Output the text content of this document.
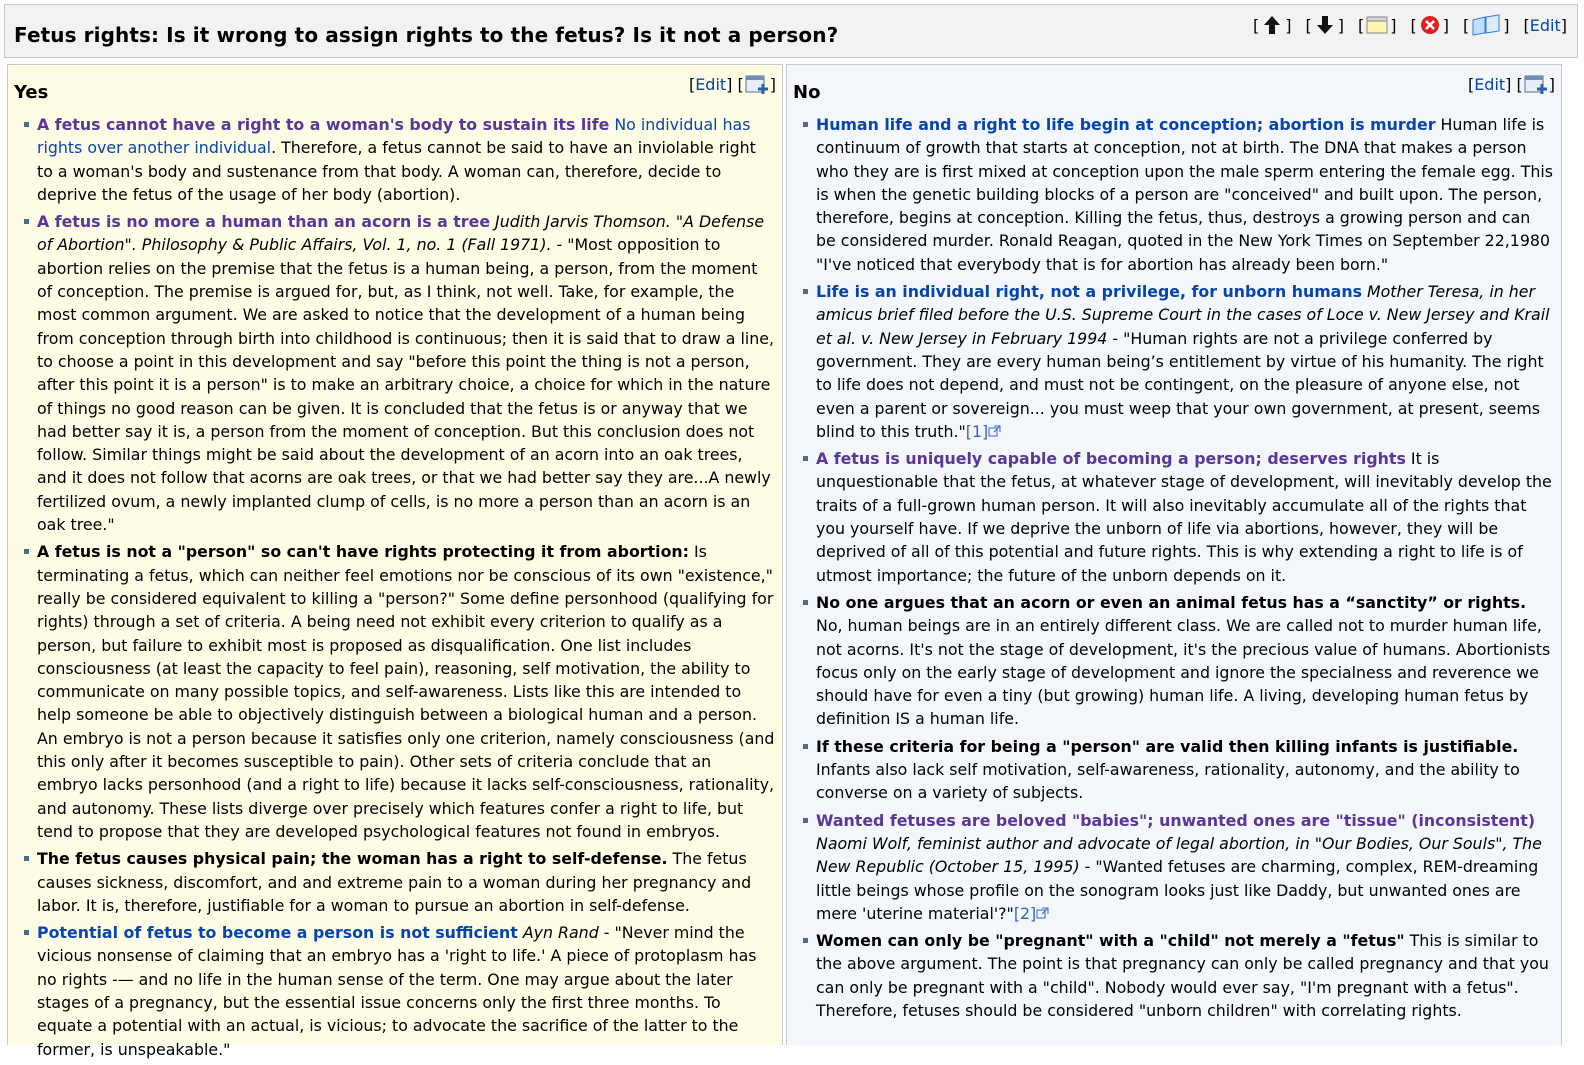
Fetus rights: Is it wrong to assign rights to the fetus? Is it not a person?	[ ] [ ] [ ] [ ] [ ] [ Edit ]
Yes	[ Edit ] [ ]
A fetus cannot have a right to a woman's body to sustain its life No individual has rights over another individual. Therefore, a fetus cannot be said to have an inviolable right to a woman's body and sustenance from that body. A woman can, therefore, decide to deprive the fetus of the usage of her body (abortion).
A fetus is no more a human than an acorn is a tree Judith Jarvis Thomson. "A Defense of Abortion". Philosophy & Public Affairs, Vol. 1, no. 1 (Fall 1971). - "Most opposition to abortion relies on the premise that the fetus is a human being, a person, from the moment of conception. The premise is argued for, but, as I think, not well. Take, for example, the most common argument. We are asked to notice that the development of a human being from conception through birth into childhood is continuous; then it is said that to draw a line, to choose a point in this development and say "before this point the thing is not a person, after this point it is a person" is to make an arbitrary choice, a choice for which in the nature of things no good reason can be given. It is concluded that the fetus is or anyway that we had better say it is, a person from the moment of conception. But this conclusion does not follow. Similar things might be said about the development of an acorn into an oak trees, and it does not follow that acorns are oak trees, or that we had better say they are...A newly fertilized ovum, a newly implanted clump of cells, is no more a person than an acorn is an oak tree."
A fetus is not a "person" so can't have rights protecting it from abortion: Is terminating a fetus, which can neither feel emotions nor be conscious of its own "existence," really be considered equivalent to killing a "person?" Some define personhood (qualifying for rights) through a set of criteria. A being need not exhibit every criterion to qualify as a person, but failure to exhibit most is proposed as disqualification. One list includes consciousness (at least the capacity to feel pain), reasoning, self motivation, the ability to communicate on many possible topics, and self-awareness. Lists like this are intended to help someone be able to objectively distinguish between a biological human and a person. An embryo is not a person because it satisfies only one criterion, namely consciousness (and this only after it becomes susceptible to pain). Other sets of criteria conclude that an embryo lacks personhood (and a right to life) because it lacks self-consciousness, rationality, and autonomy. These lists diverge over precisely which features confer a right to life, but tend to propose that they are developed psychological features not found in embryos.
The fetus causes physical pain; the woman has a right to self-defense. The fetus causes sickness, discomfort, and and extreme pain to a woman during her pregnancy and labor. It is, therefore, justifiable for a woman to pursue an abortion in self-defense.
Potential of fetus to become a person is not sufficient Ayn Rand - "Never mind the vicious nonsense of claiming that an embryo has a 'right to life.' A piece of protoplasm has no rights -— and no life in the human sense of the term. One may argue about the later stages of a pregnancy, but the essential issue concerns only the first three months. To equate a potential with an actual, is vicious; to advocate the sacrifice of the latter to the former, is unspeakable."
No	[ Edit ] [ ]
Human life and a right to life begin at conception; abortion is murder Human life is continuum of growth that starts at conception, not at birth. The DNA that makes a person who they are is first mixed at conception upon the male sperm entering the female egg. This is when the genetic building blocks of a person are "conceived" and built upon. The person, therefore, begins at conception. Killing the fetus, thus, destroys a growing person and can be considered murder. Ronald Reagan, quoted in the New York Times on September 22,1980 "I've noticed that everybody that is for abortion has already been born."
Life is an individual right, not a privilege, for unborn humans Mother Teresa, in her amicus brief filed before the U.S. Supreme Court in the cases of Loce v. New Jersey and Krail et al. v. New Jersey in February 1994 - "Human rights are not a privilege conferred by government. They are every human being’s entitlement by virtue of his humanity. The right to life does not depend, and must not be contingent, on the pleasure of anyone else, not even a parent or sovereign... you must weep that your own government, at present, seems blind to this truth."[1]
A fetus is uniquely capable of becoming a person; deserves rights It is unquestionable that the fetus, at whatever stage of development, will inevitably develop the traits of a full-grown human person. It will also inevitably accumulate all of the rights that you yourself have. If we deprive the unborn of life via abortions, however, they will be deprived of all of this potential and future rights. This is why extending a right to life is of utmost importance; the future of the unborn depends on it.
No one argues that an acorn or even an animal fetus has a “sanctity” or rights. No, human beings are in an entirely different class. We are called not to murder human life, not acorns. It's not the stage of development, it's the precious value of humans. Abortionists focus only on the early stage of development and ignore the specialness and reverence we should have for even a tiny (but growing) human life. A living, developing human fetus by definition IS a human life.
If these criteria for being a "person" are valid then killing infants is justifiable. Infants also lack self motivation, self-awareness, rationality, autonomy, and the ability to converse on a variety of subjects.
Wanted fetuses are beloved "babies"; unwanted ones are "tissue" (inconsistent) Naomi Wolf, feminist author and advocate of legal abortion, in "Our Bodies, Our Souls", The New Republic (October 15, 1995) - "Wanted fetuses are charming, complex, REM-dreaming little beings whose profile on the sonogram looks just like Daddy, but unwanted ones are mere 'uterine material'?"[2]
Women can only be "pregnant" with a "child" not merely a "fetus" This is similar to the above argument. The point is that pregnancy can only be called pregnancy and that you can only be pregnant with a "child". Nobody would ever say, "I'm pregnant with a fetus". Therefore, fetuses should be considered "unborn children" with correlating rights.
